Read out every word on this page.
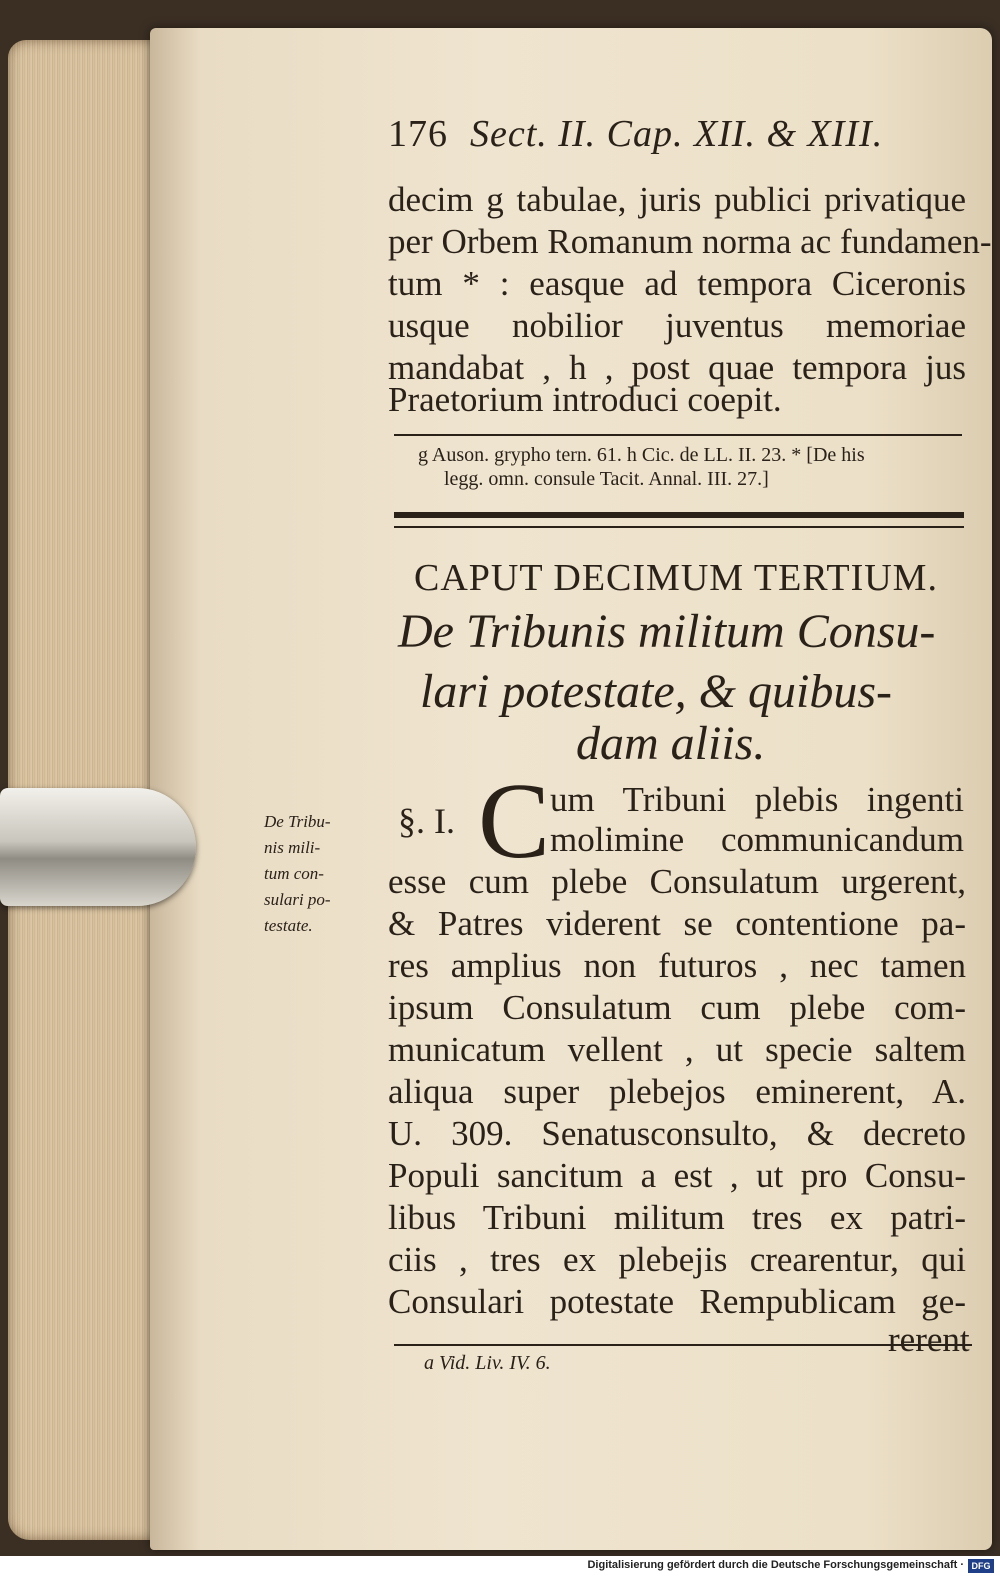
176 Sect. II. Cap. XII. & XIII.
decim g tabulae, juris publici privatique
per Orbem Romanum norma ac fundamen-
tum * : easque ad tempora Ciceronis
usque nobilior juventus memoriae
mandabat , h , post quae tempora jus
Praetorium introduci coepit.
g Auson. grypho tern. 61. h Cic. de LL. II. 23. * [De his
legg. omn. consule Tacit. Annal. III. 27.]
CAPUT DECIMUM TERTIUM.
De Tribunis militum Consu-
lari potestate, & quibus-
dam aliis.
De Tribu-
nis mili-
tum con-
sulari po-
testate.
§. I. C um Tribuni plebis ingenti
molimine communicandum
esse cum plebe Consulatum urgerent,
& Patres viderent se contentione pa-
res amplius non futuros , nec tamen
ipsum Consulatum cum plebe com-
municatum vellent , ut specie saltem
aliqua super plebejos eminerent, A.
U. 309. Senatusconsulto, & decreto
Populi sancitum a est , ut pro Consu-
libus Tribuni militum tres ex patri-
ciis , tres ex plebejis crearentur, qui
Consulari potestate Rempublicam ge-
rerent
a Vid. Liv. IV. 6.
Digitalisierung gefördert durch die Deutsche Forschungsgemeinschaft · DFG
